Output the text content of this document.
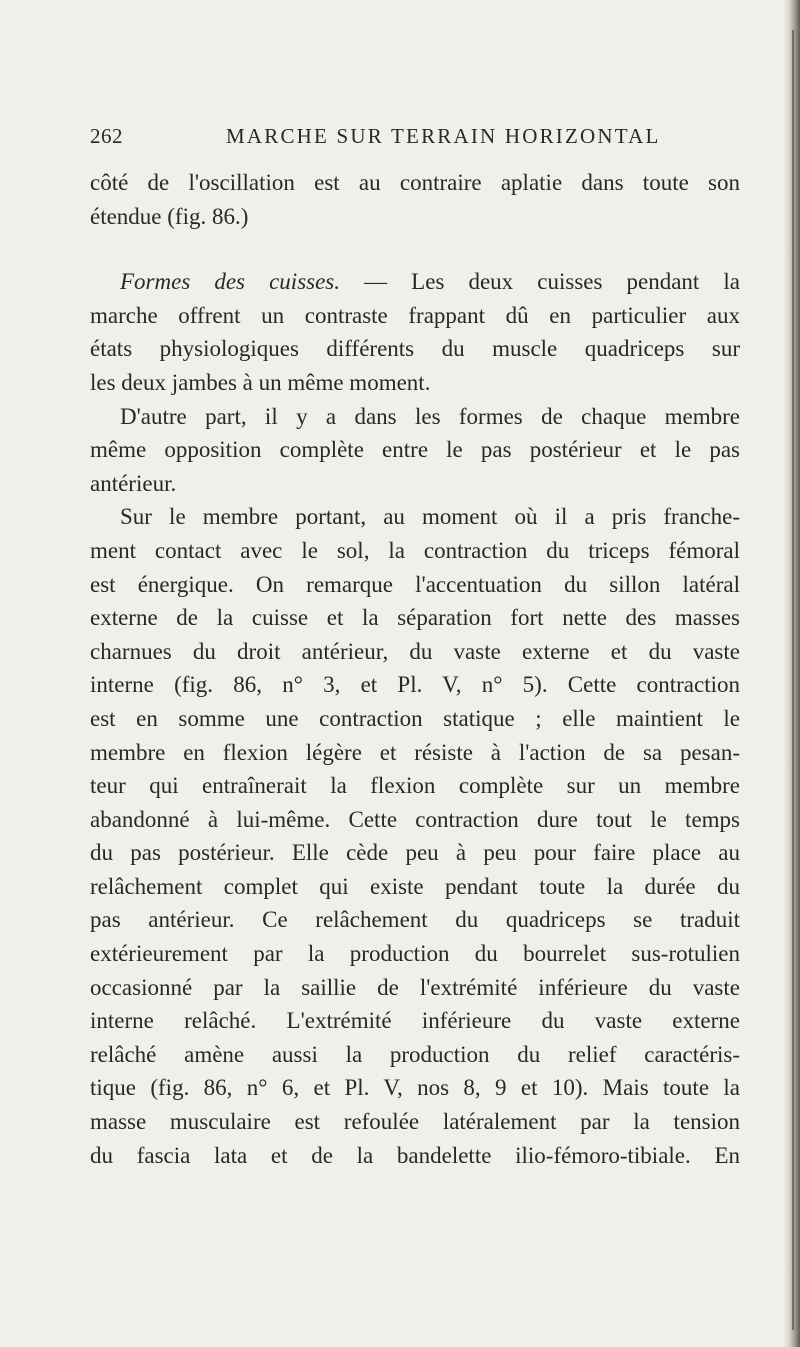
262	MARCHE SUR TERRAIN HORIZONTAL
côté de l'oscillation est au contraire aplatie dans toute son
étendue (fig. 86.)
Formes des cuisses. — Les deux cuisses pendant la
marche offrent un contraste frappant dû en particulier aux
états physiologiques différents du muscle quadriceps sur
les deux jambes à un même moment.
D'autre part, il y a dans les formes de chaque membre
même opposition complète entre le pas postérieur et le pas
antérieur.
Sur le membre portant, au moment où il a pris franche-
ment contact avec le sol, la contraction du triceps fémoral
est énergique. On remarque l'accentuation du sillon latéral
externe de la cuisse et la séparation fort nette des masses
charnues du droit antérieur, du vaste externe et du vaste
interne (fig. 86, n° 3, et Pl. V, n° 5). Cette contraction
est en somme une contraction statique ; elle maintient le
membre en flexion légère et résiste à l'action de sa pesan-
teur qui entraînerait la flexion complète sur un membre
abandonné à lui-même. Cette contraction dure tout le temps
du pas postérieur. Elle cède peu à peu pour faire place au
relâchement complet qui existe pendant toute la durée du
pas antérieur. Ce relâchement du quadriceps se traduit
extérieurement par la production du bourrelet sus-rotulien
occasionné par la saillie de l'extrémité inférieure du vaste
interne relâché. L'extrémité inférieure du vaste externe
relâché amène aussi la production du relief caractéris-
tique (fig. 86, n° 6, et Pl. V, nos 8, 9 et 10). Mais toute la
masse musculaire est refoulée latéralement par la tension
du fascia lata et de la bandelette ilio-fémoro-tibiale. En
